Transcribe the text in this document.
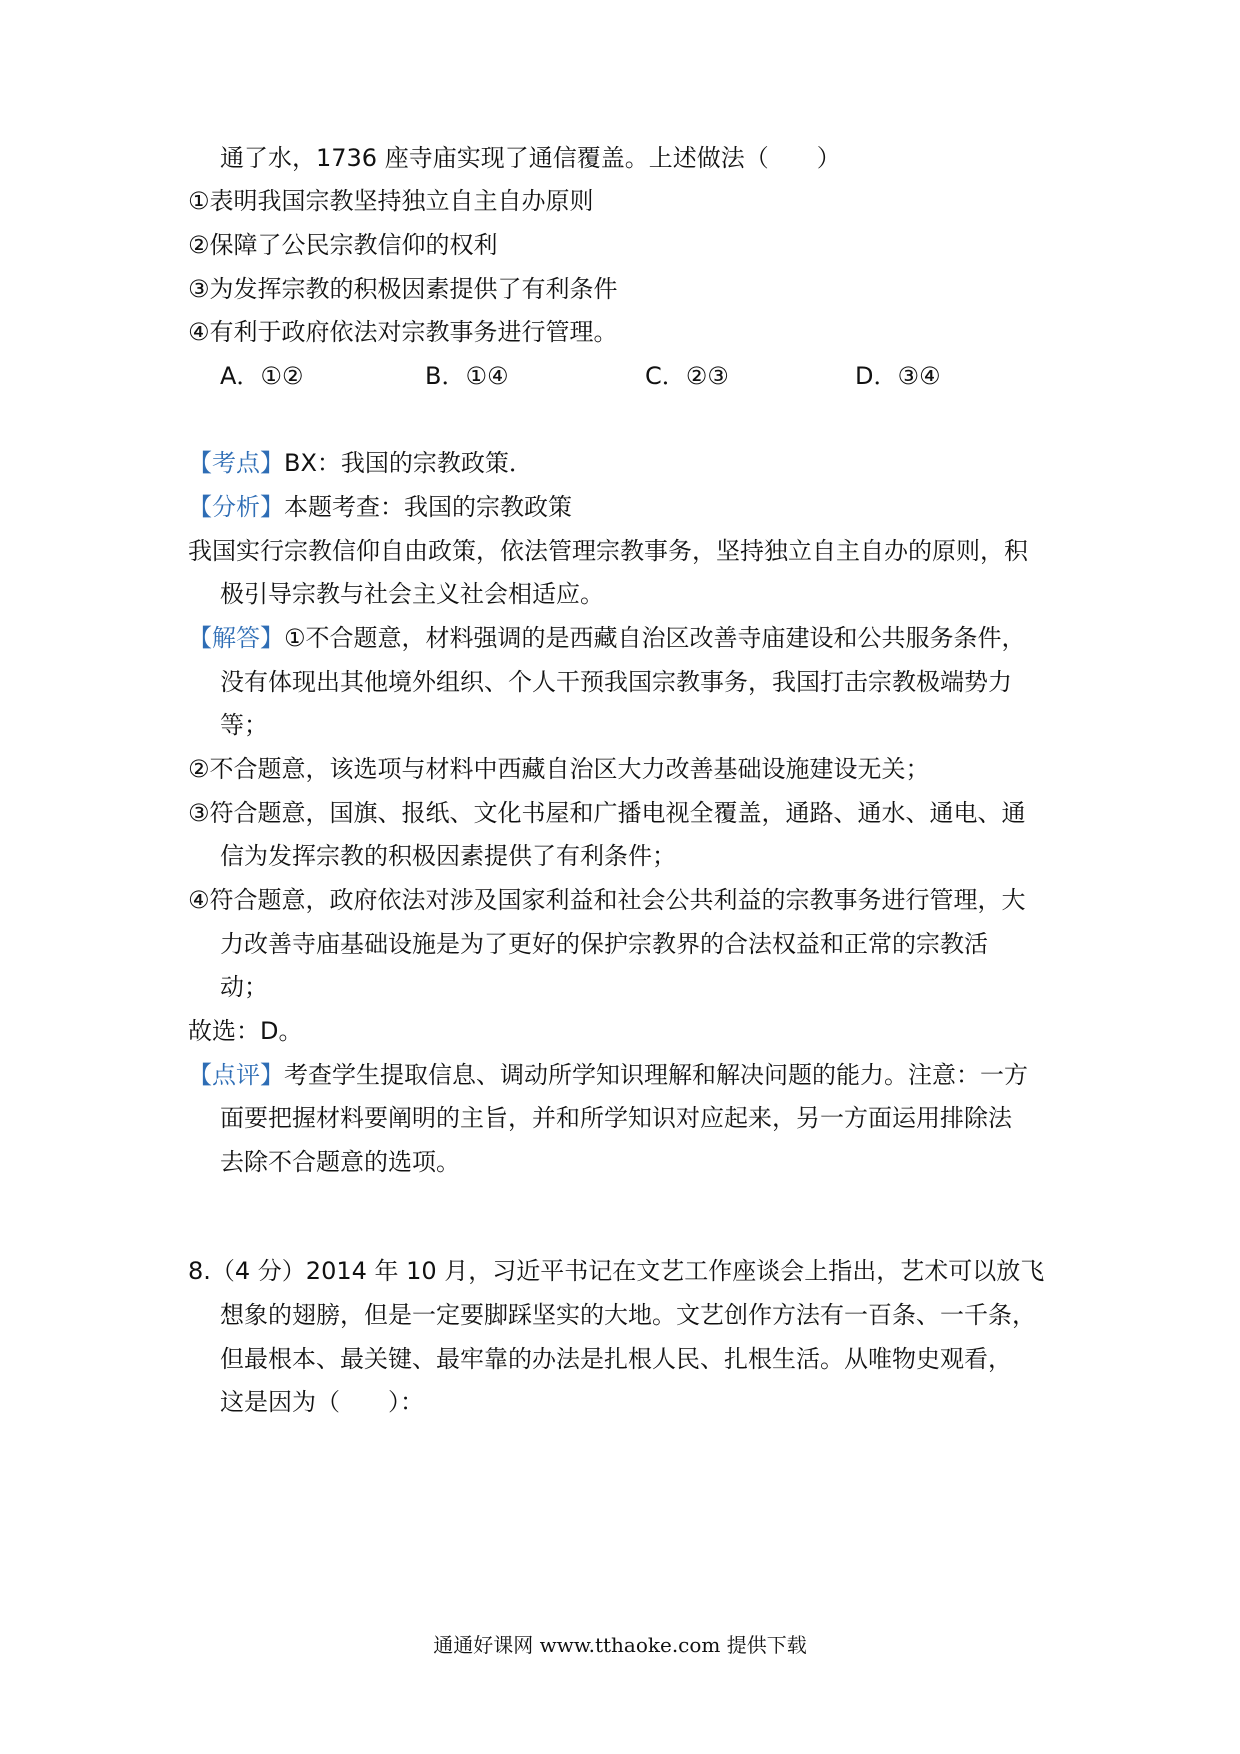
通了水，1736 座寺庙实现了通信覆盖。上述做法（　　）
①表明我国宗教坚持独立自主自办原则
②保障了公民宗教信仰的权利
③为发挥宗教的积极因素提供了有利条件
④有利于政府依法对宗教事务进行管理。
A．①②	B．①④	C．②③	D．③④
【考点】BX：我国的宗教政策．
【分析】本题考查：我国的宗教政策
我国实行宗教信仰自由政策，依法管理宗教事务，坚持独立自主自办的原则，积
极引导宗教与社会主义社会相适应。
【解答】①不合题意，材料强调的是西藏自治区改善寺庙建设和公共服务条件，
没有体现出其他境外组织、个人干预我国宗教事务，我国打击宗教极端势力
等；
②不合题意，该选项与材料中西藏自治区大力改善基础设施建设无关；
③符合题意，国旗、报纸、文化书屋和广播电视全覆盖，通路、通水、通电、通
信为发挥宗教的积极因素提供了有利条件；
④符合题意，政府依法对涉及国家利益和社会公共利益的宗教事务进行管理，大
力改善寺庙基础设施是为了更好的保护宗教界的合法权益和正常的宗教活
动；
故选：D。
【点评】考查学生提取信息、调动所学知识理解和解决问题的能力。注意：一方
面要把握材料要阐明的主旨，并和所学知识对应起来，另一方面运用排除法
去除不合题意的选项。
8.（4 分）2014 年 10 月，习近平书记在文艺工作座谈会上指出，艺术可以放飞
想象的翅膀，但是一定要脚踩坚实的大地。文艺创作方法有一百条、一千条，
但最根本、最关键、最牢靠的办法是扎根人民、扎根生活。从唯物史观看，
这是因为（　　）：
通通好课网 www.tthaoke.com 提供下载
